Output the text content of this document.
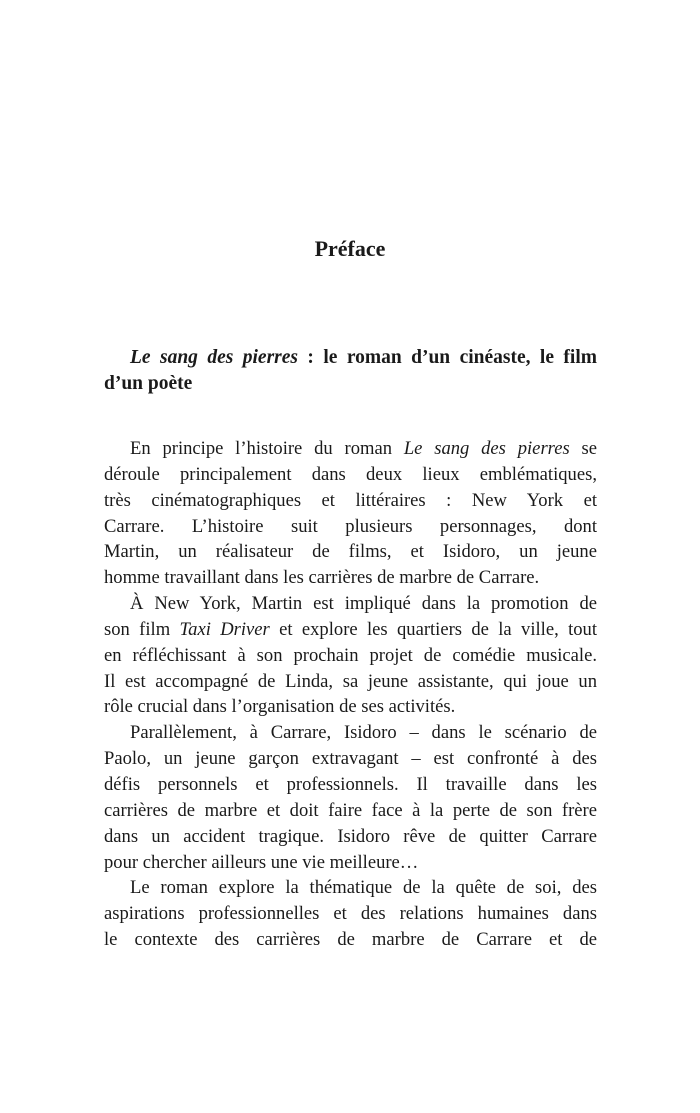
Préface
Le sang des pierres : le roman d’un cinéaste, le film
d’un poète
En principe l’histoire du roman Le sang des pierres se
déroule principalement dans deux lieux emblématiques,
très cinématographiques et littéraires : New York et
Carrare. L’histoire suit plusieurs personnages, dont
Martin, un réalisateur de films, et Isidoro, un jeune
homme travaillant dans les carrières de marbre de Carrare.
À New York, Martin est impliqué dans la promotion de
son film Taxi Driver et explore les quartiers de la ville, tout
en réfléchissant à son prochain projet de comédie musicale.
Il est accompagné de Linda, sa jeune assistante, qui joue un
rôle crucial dans l’organisation de ses activités.
Parallèlement, à Carrare, Isidoro – dans le scénario de
Paolo, un jeune garçon extravagant – est confronté à des
défis personnels et professionnels. Il travaille dans les
carrières de marbre et doit faire face à la perte de son frère
dans un accident tragique. Isidoro rêve de quitter Carrare
pour chercher ailleurs une vie meilleure…
Le roman explore la thématique de la quête de soi, des
aspirations professionnelles et des relations humaines dans
le contexte des carrières de marbre de Carrare et de
